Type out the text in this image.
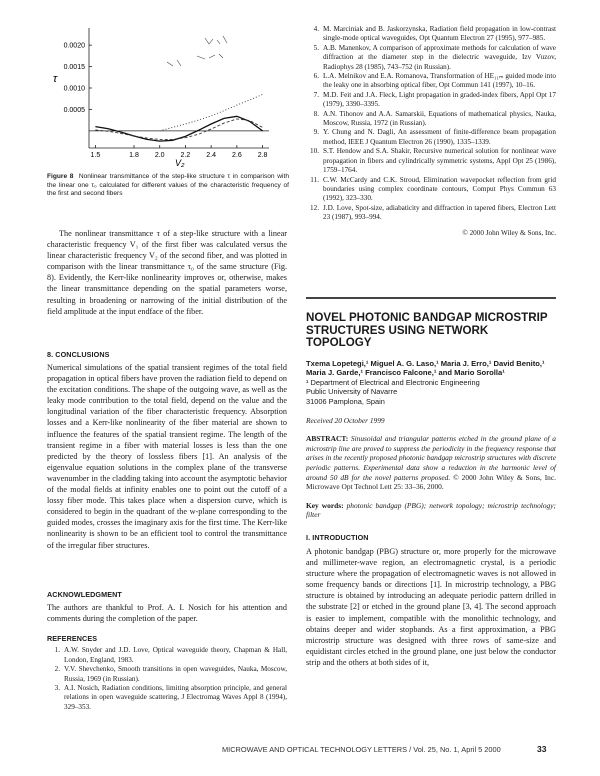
0.0020
0.0015
0.0010
0.0005
1.5	1.8 2.0 2.2 2.4 2.6 2.8
τ
V₂
Figure 8 Nonlinear transmittance of the step-like structure τ in comparison with the linear one τ₀ calculated for different values of the characteristic frequency of the first and second fibers

The nonlinear transmittance τ of a step-like structure with a linear characteristic frequency V₁ of the first fiber was calculated versus the linear characteristic frequency V₂ of the second fiber, and was plotted in comparison with the linear transmittance τ₀ of the same structure (Fig. 8). Evidently, the Kerr-like nonlinearity improves or, otherwise, makes the linear transmittance depending on the spatial parameters worse, resulting in broadening or narrowing of the initial distribution of the field amplitude at the input endface of the fiber.

8. CONCLUSIONS

Numerical simulations of the spatial transient regimes of the total field propagation in optical fibers have proven the radiation field to depend on the excitation conditions. The shape of the outgoing wave, as well as the leaky mode contribution to the total field, depend on the value and the longitudinal variation of the fiber characteristic frequency. Absorption losses and a Kerr-like nonlinearity of the fiber material are shown to influence the features of the spatial transient regime. The length of the transient regime in a fiber with material losses is less than the one predicted by the theory of lossless fibers [1]. An analysis of the eigenvalue equation solutions in the complex plane of the transverse wavenumber in the cladding taking into account the asymptotic behavior of the modal fields at infinity enables one to point out the cutoff of a lossy fiber mode. This takes place when a dispersion curve, which is considered to begin in the quadrant of the w-plane corresponding to the guided modes, crosses the imaginary axis for the first time. The Kerr-like nonlinearity is shown to be an efficient tool to control the transmittance of the irregular fiber structures.

ACKNOWLEDGMENT

The authors are thankful to Prof. A. I. Nosich for his attention and comments during the completion of the paper.

REFERENCES
1. A.W. Snyder and J.D. Love, Optical waveguide theory, Chapman & Hall, London, England, 1983.
2. V.V. Shevchenko, Smooth transitions in open waveguides, Nauka, Moscow, Russia, 1969 (in Russian).
3. A.I. Nosich, Radiation conditions, limiting absorption principle, and general relations in open waveguide scattering, J Electromag Waves Appl 8 (1994), 329–353.
4. M. Marciniak and B. Jaskorzynska, Radiation field propagation in low-contrast single-mode optical waveguides, Opt Quantum Electron 27 (1995), 977–985.
5. A.B. Manenkov, A comparison of approximate methods for calculation of wave diffraction at the diameter step in the dielectric waveguide, Izv Vuzov, Radiophys 28 (1985), 743–752 (in Russian).
6. L.A. Melnikov and E.A. Romanova, Transformation of HE₁₁ₘ guided mode into the leaky one in absorbing optical fiber, Opt Commun 141 (1997), 10–16.
7. M.D. Feit and J.A. Fleck, Light propagation in graded-index fibers, Appl Opt 17 (1979), 3390–3395.
8. A.N. Tihonov and A.A. Samarskii, Equations of mathematical physics, Nauka, Moscow, Russia, 1972 (in Russian).
9. Y. Chung and N. Dagli, An assessment of finite-difference beam propagation method, IEEE J Quantum Electron 26 (1990), 1335–1339.
10. S.T. Hendow and S.A. Shakir, Recursive numerical solution for nonlinear wave propagation in fibers and cylindrically symmetric systems, Appl Opt 25 (1986), 1759–1764.
11. C.W. McCardy and C.K. Stroud, Elimination wavepocket reflection from grid boundaries using complex coordinate contours, Comput Phys Commun 63 (1992), 323–330.
12. J.D. Love, Spot-size, adiabaticity and diffraction in tapered fibers, Electron Lett 23 (1987), 993–994.
© 2000 John Wiley & Sons, Inc.
NOVEL PHOTONIC BANDGAP MICROSTRIP STRUCTURES USING NETWORK TOPOLOGY
Txema Lopetegi,¹ Miguel A. G. Laso,¹ Maria J. Erro,¹ David Benito,¹ Maria J. Garde,¹ Francisco Falcone,¹ and Mario Sorolla¹
¹ Department of Electrical and Electronic Engineering
Public University of Navarre
31006 Pamplona, Spain
Received 20 October 1999

ABSTRACT: Sinusoidal and triangular patterns etched in the ground plane of a microstrip line are proved to suppress the periodicity in the frequency response that arises in the recently proposed photonic bandgap microstrip structures with discrete periodic patterns. Experimental data show a reduction in the harmonic level of around 50 dB for the novel patterns proposed. © 2000 John Wiley & Sons, Inc. Microwave Opt Technol Lett 25: 33–36, 2000.

Key words: photonic bandgap (PBG); network topology; microstrip technology; filter

I. INTRODUCTION

A photonic bandgap (PBG) structure or, more properly for the microwave and millimeter-wave region, an electromagnetic crystal, is a periodic structure where the propagation of electromagnetic waves is not allowed in some frequency bands or directions [1]. In microstrip technology, a PBG structure is obtained by introducing an adequate periodic pattern drilled in the substrate [2] or etched in the ground plane [3, 4]. The second approach is easier to implement, compatible with the monolithic technology, and obtains deeper and wider stopbands. As a first approximation, a PBG microstrip structure was designed with three rows of same-size and equidistant circles etched in the ground plane, one just below the conductor strip and the others at both sides of it,

MICROWAVE AND OPTICAL TECHNOLOGY LETTERS / Vol. 25, No. 1, April 5 2000	33
